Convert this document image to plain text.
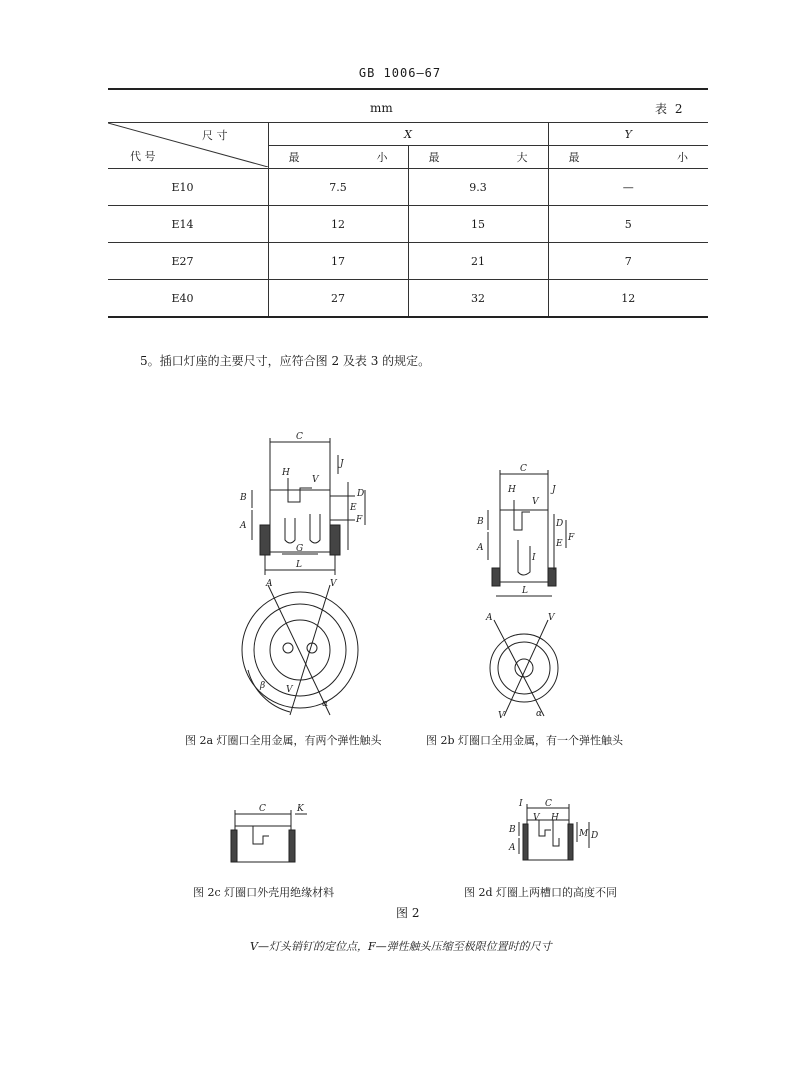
GB 1006—67
mm	表 2
尺 寸
代 号	X		Y

	最 小	最 大	最 小

E10	7.5	9.3	—
E14	12	15	5
E27	17	21	7
E40	27	32	12
5。插口灯座的主要尺寸，应符合图 2 及表 3 的规定。
C
H
V
J
B
A
E
D
F
G
L
A	V
V
β
α
图 2a 灯圈口全用金属，有两个弹性触头
C
H
V
J
B
A
D
E
F
I
L
A	V
V	α
图 2b 灯圈口全用金属，有一个弹性触头
C	K
图 2c 灯圈口外壳用绝缘材料
I C
V H
B
A
M D
图 2d 灯圈上两槽口的高度不同
图 2
V—灯头销钉的定位点，F—弹性触头压缩至极限位置时的尺寸
